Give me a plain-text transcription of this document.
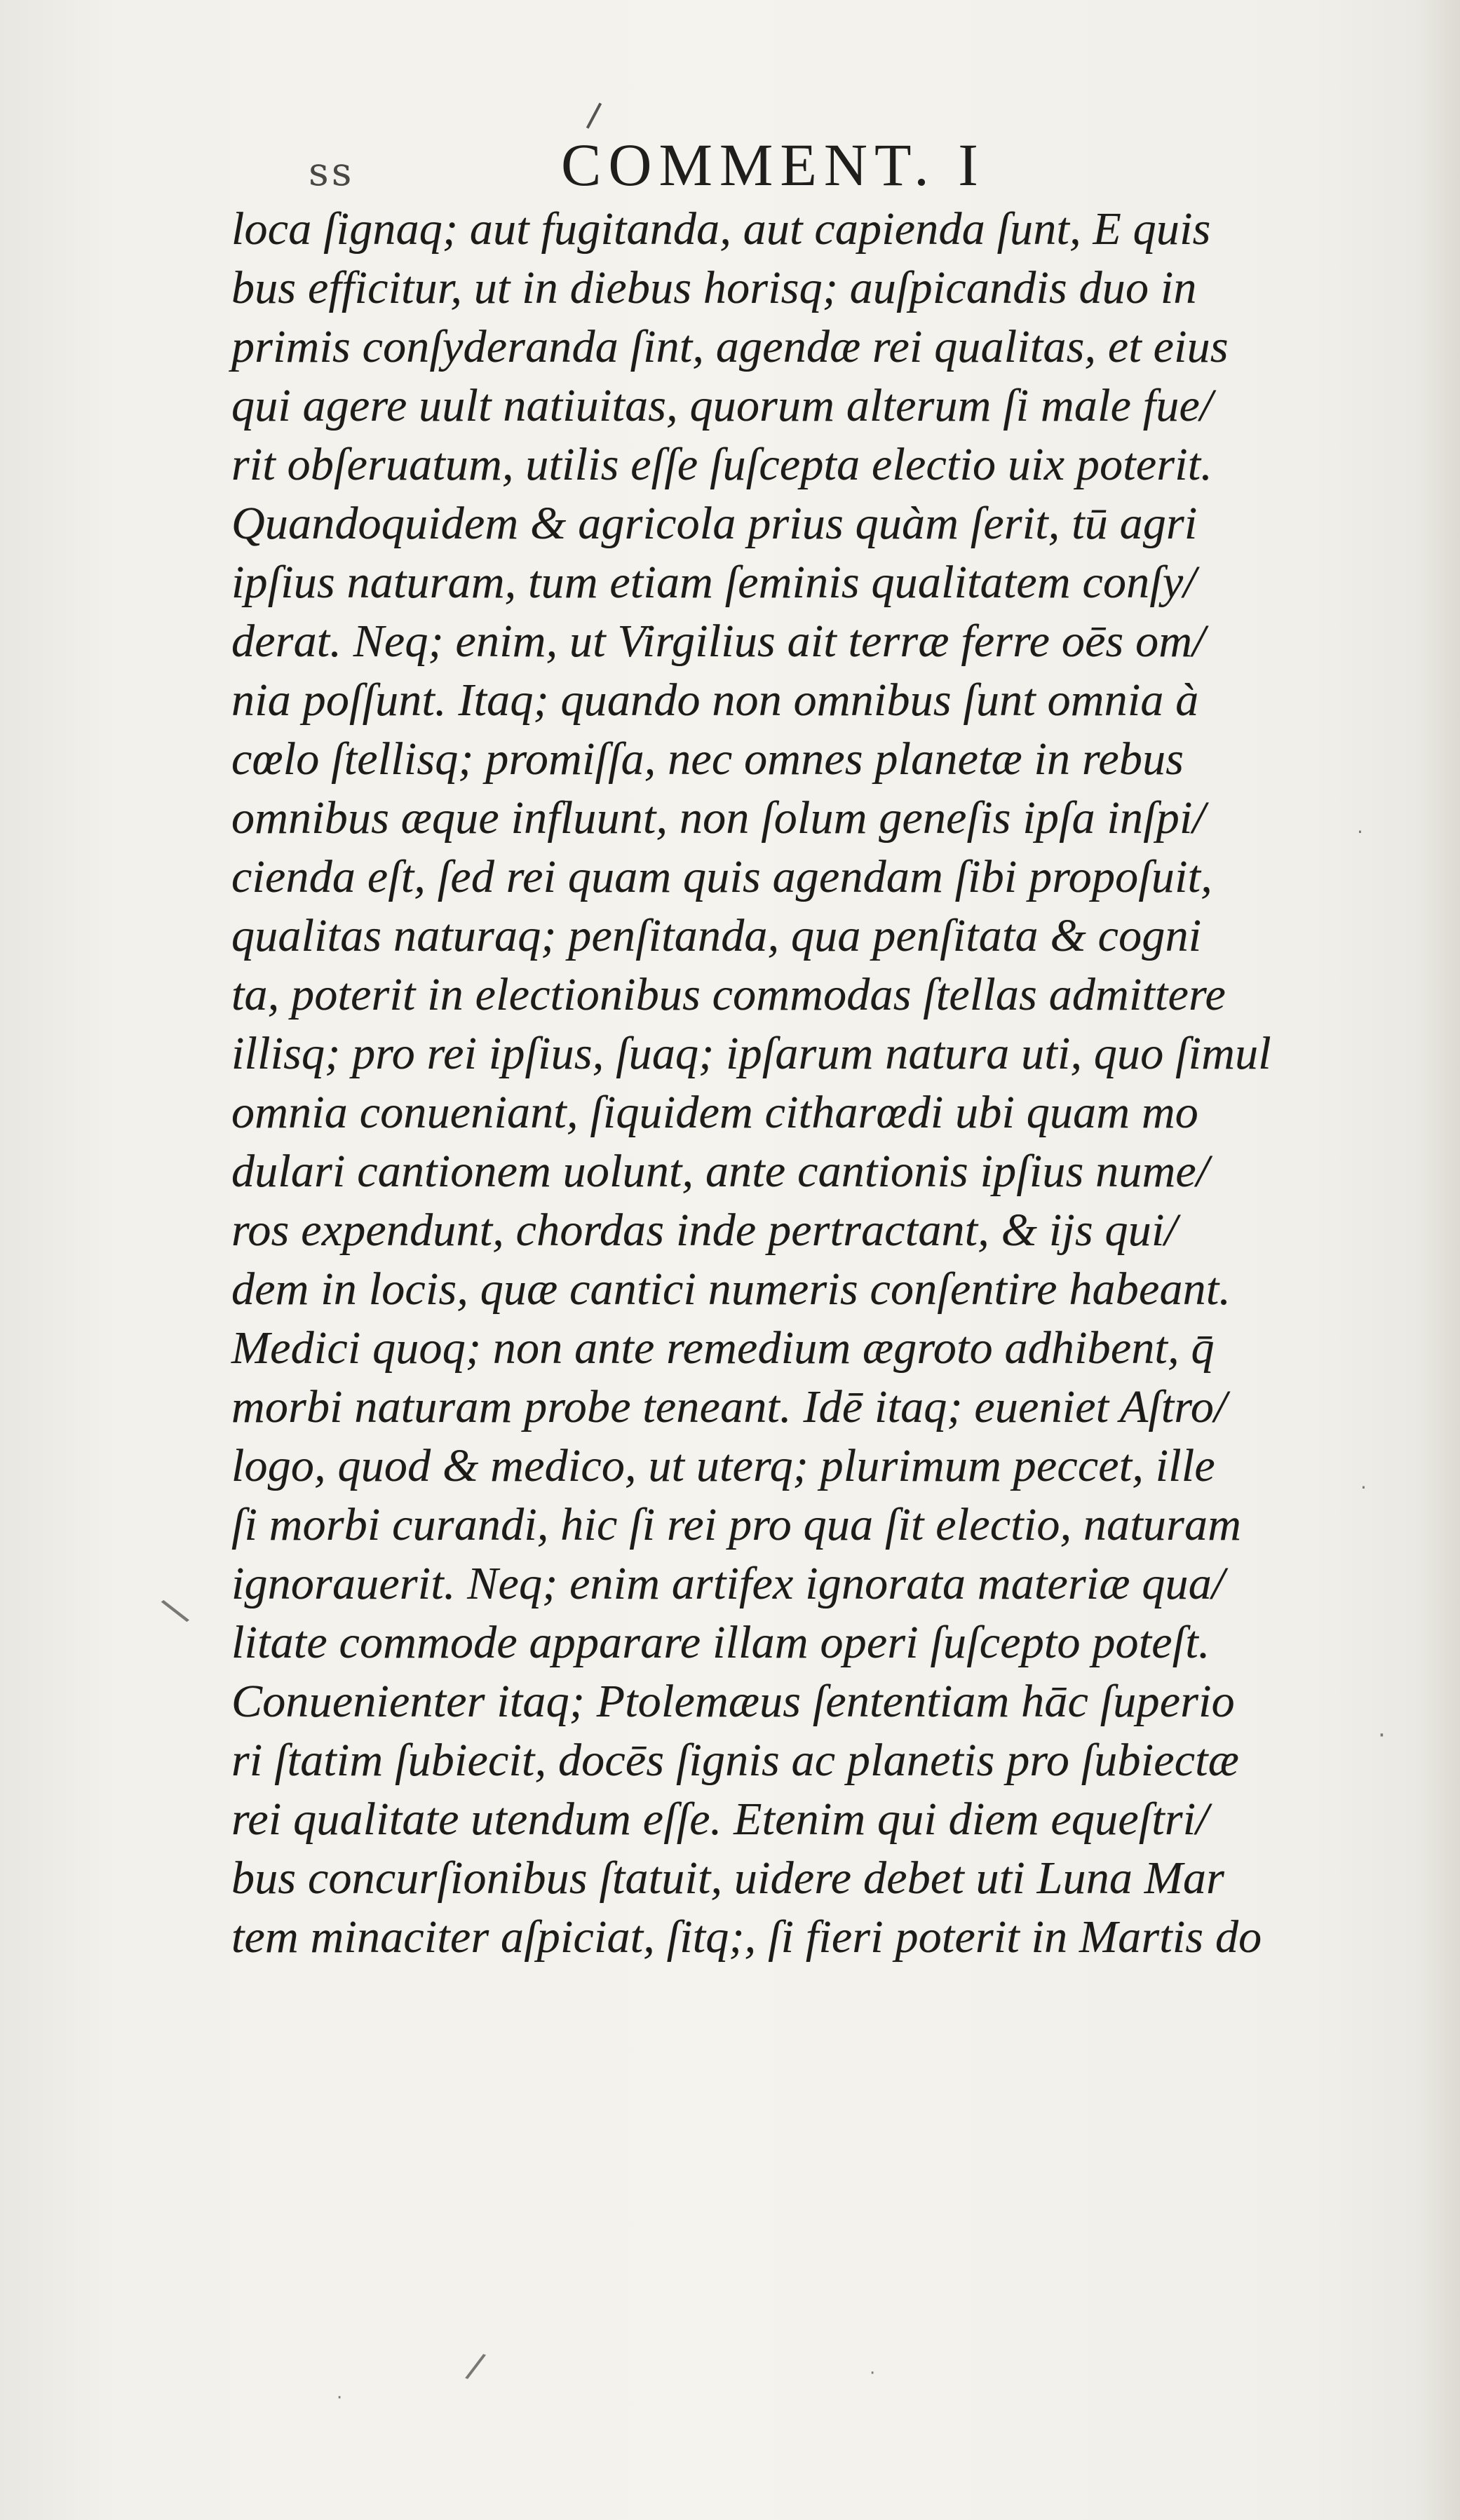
ss	COMMENT. I
loca ſignaq; aut fugitanda, aut capienda ſunt, E quis
bus efficitur, ut in diebus horisq; auſpicandis duo in
primis conſyderanda ſint, agendæ rei qualitas, et eius
qui agere uult natiuitas, quorum alterum ſi male fue/
rit obſeruatum, utilis eſſe ſuſcepta electio uix poterit.
Quandoquidem & agricola prius quàm ſerit, tū agri
ipſius naturam, tum etiam ſeminis qualitatem conſy/
derat. Neq; enim, ut Virgilius ait terræ ferre oēs om/
nia poſſunt. Itaq; quando non omnibus ſunt omnia à
cœlo ſtellisq; promiſſa, nec omnes planetæ in rebus
omnibus æque influunt, non ſolum geneſis ipſa inſpi/
cienda eſt, ſed rei quam quis agendam ſibi propoſuit,
qualitas naturaq; penſitanda, qua penſitata & cogni
ta, poterit in electionibus commodas ſtellas admittere
illisq; pro rei ipſius, ſuaq; ipſarum natura uti, quo ſimul
omnia conueniant, ſiquidem citharœdi ubi quam mo
dulari cantionem uolunt, ante cantionis ipſius nume/
ros expendunt, chordas inde pertractant, & ijs qui/
dem in locis, quæ cantici numeris conſentire habeant.
Medici quoq; non ante remedium ægroto adhibent, q̄
morbi naturam probe teneant. Idē itaq; eueniet Aſtro/
logo, quod & medico, ut uterq; plurimum peccet, ille
ſi morbi curandi, hic ſi rei pro qua ſit electio, naturam
ignorauerit. Neq; enim artifex ignorata materiæ qua/
litate commode apparare illam operi ſuſcepto poteſt.
Conuenienter itaq; Ptolemæus ſententiam hāc ſuperio
ri ſtatim ſubiecit, docēs ſignis ac planetis pro ſubiectæ
rei qualitate utendum eſſe. Etenim qui diem equeſtri/
bus concurſionibus ſtatuit, uidere debet uti Luna Mar
tem minaciter aſpiciat, ſitq;, ſi fieri poterit in Martis do
·
·
·
\
/	·
·
